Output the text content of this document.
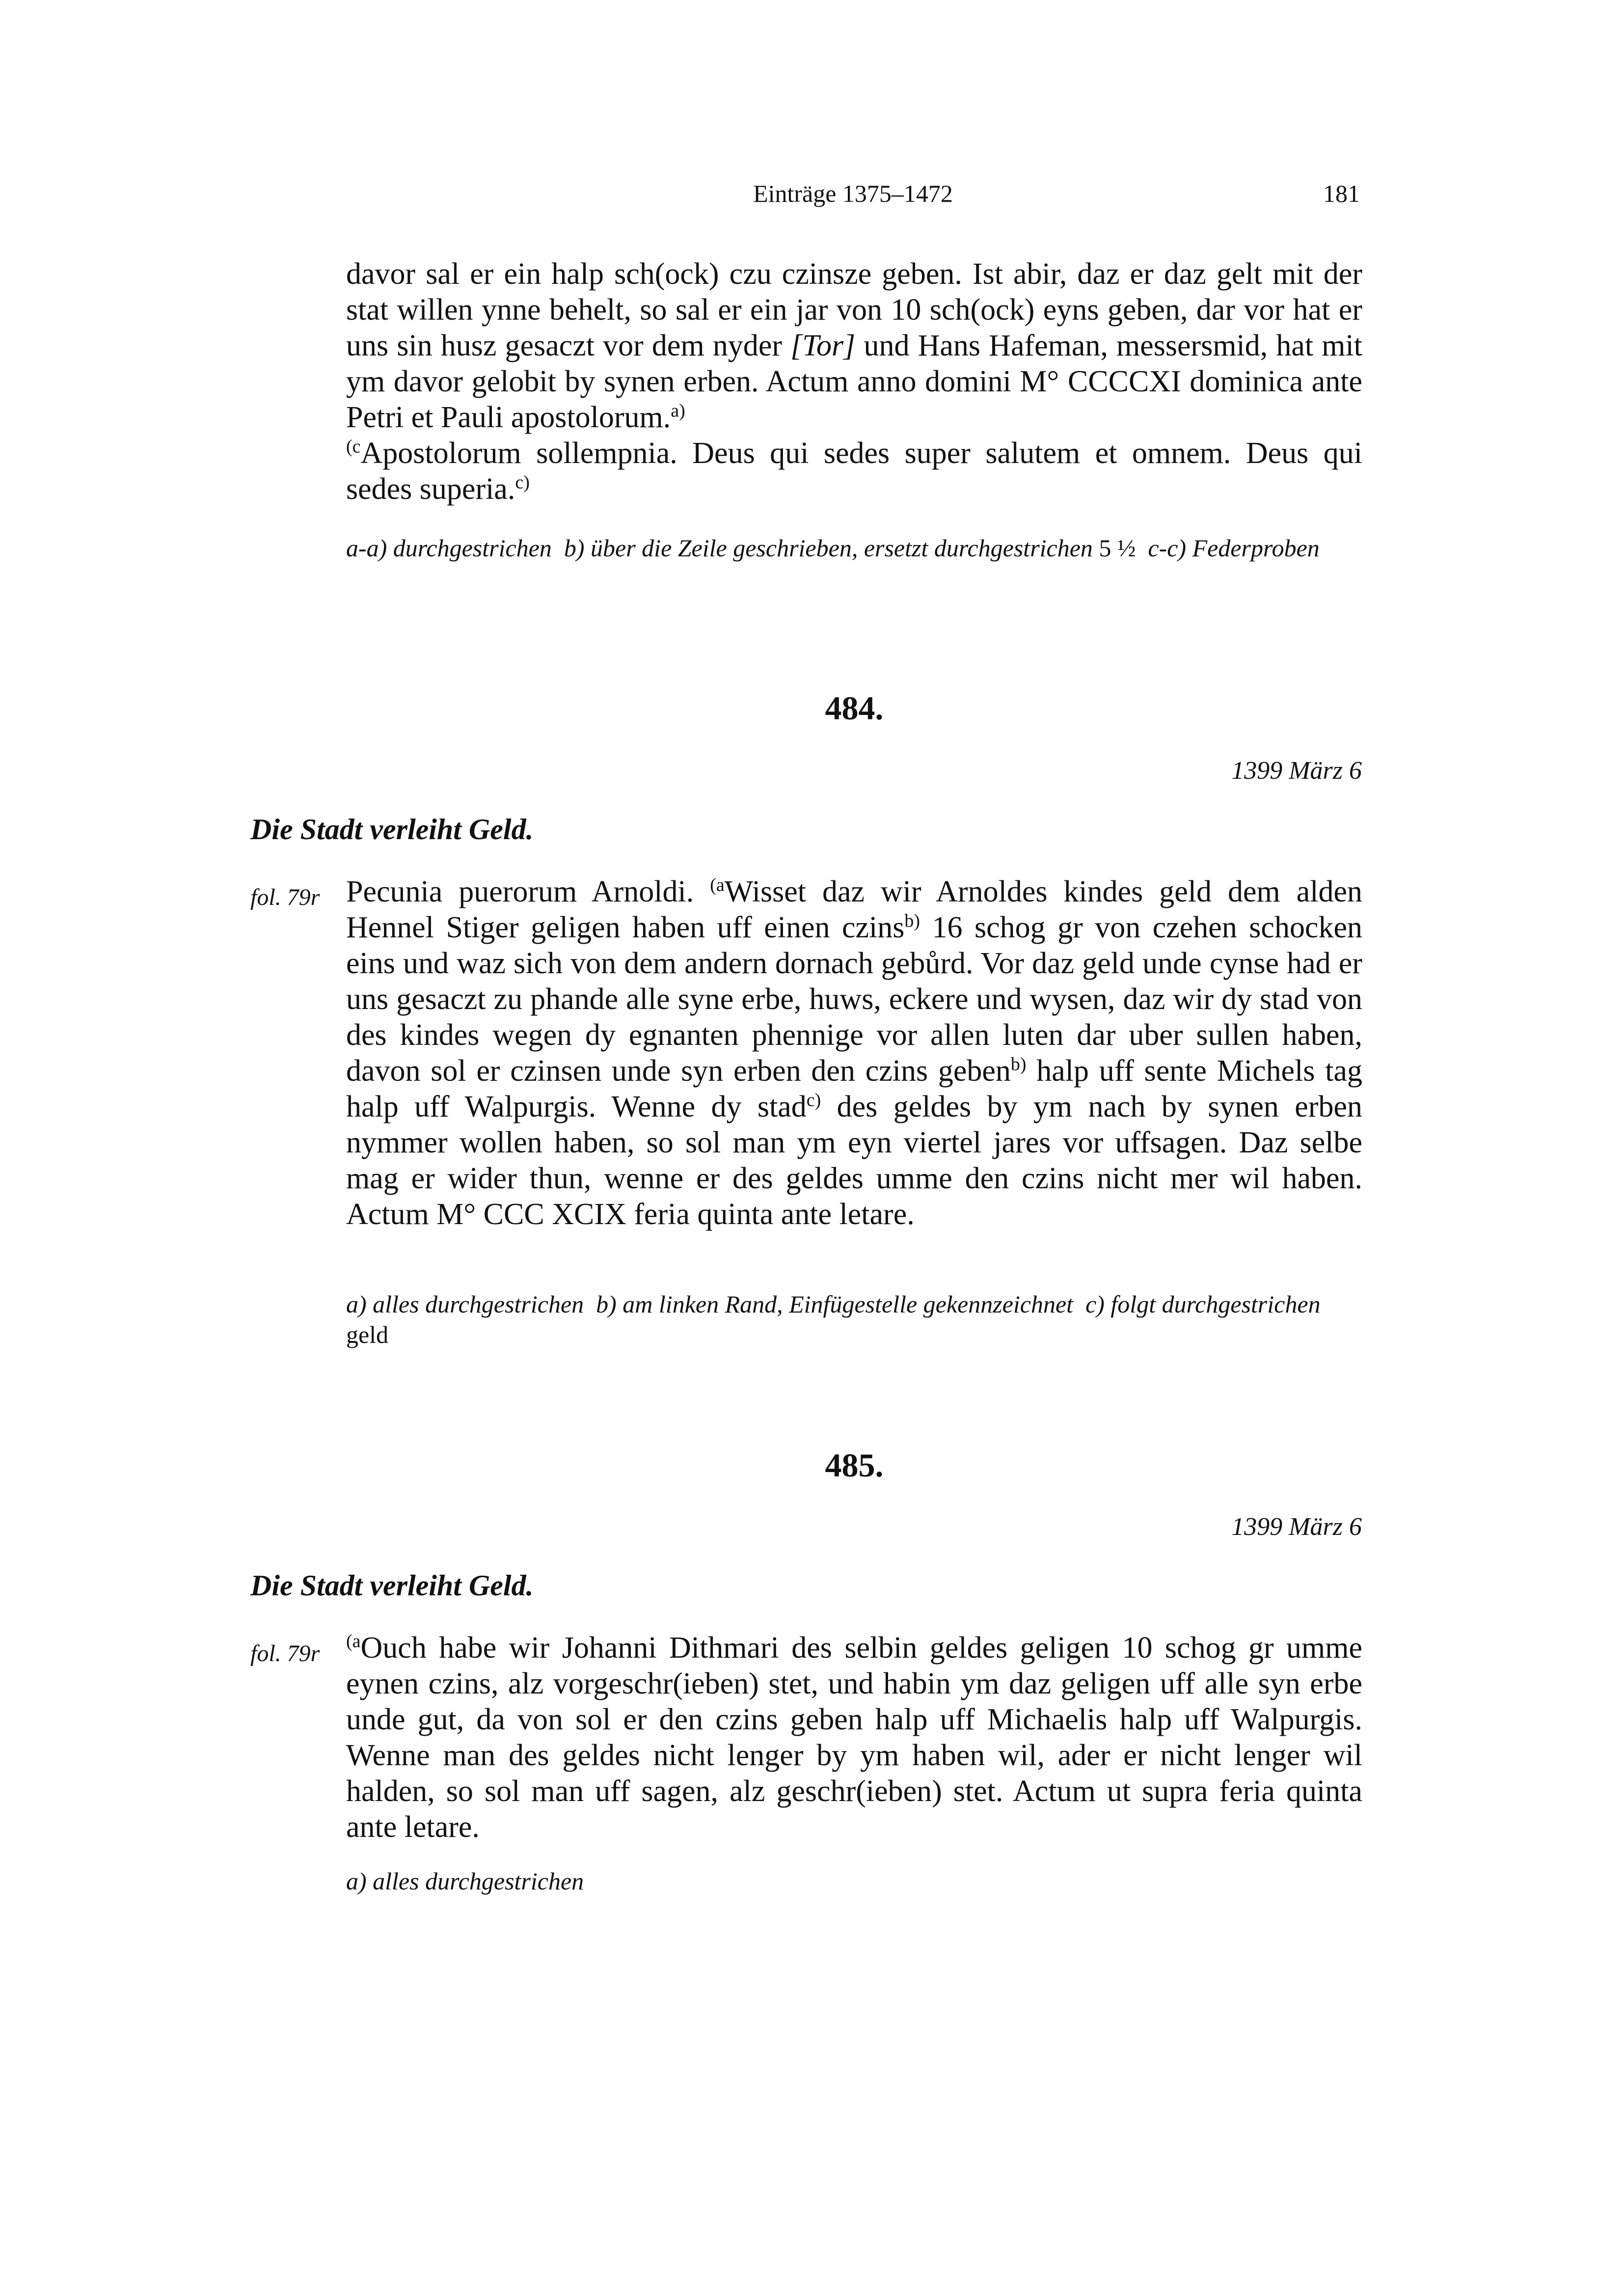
Einträge 1375–1472	181

davor sal er ein halp sch(ock) czu czinsze geben. Ist abir, daz er daz gelt mit der stat willen ynne behelt, so sal er ein jar von 10 sch(ock) eyns geben, dar vor hat er uns sin husz gesaczt vor dem nyder [Tor] und Hans Hafeman, messersmid, hat mit ym davor gelobit by synen erben. Actum anno domini M° CCCCXI dominica ante Petri et Pauli apostolorum.$^{a)}$

$^{(c}$Apostolorum sollempnia. Deus qui sedes super salutem et omnem. Deus qui sedes superia.$^{c)}$

a-a) durchgestrichen b) über die Zeile geschrieben, ersetzt durchgestrichen 5 ½ c-c) Federproben
484.
1399 März 6
Die Stadt verleiht Geld.
fol. 79r Pecunia puerorum Arnoldi. $^{(a}$Wisset daz wir Arnoldes kindes geld dem alden Hennel Stiger geligen haben uff einen czins$^{b)}$ 16 schog gr von czehen schocken eins und waz sich von dem andern dornach gebůrd. Vor daz geld unde cynse had er uns gesaczt zu phande alle syne erbe, huws, eckere und wysen, daz wir dy stad von des kindes wegen dy egnanten phennige vor allen luten dar uber sullen haben, davon sol er czinsen unde syn erben den czins geben$^{b)}$ halp uff sente Michels tag halp uff Walpurgis. Wenne dy stad$^{c)}$ des geldes by ym nach by synen erben nymmer wollen haben, so sol man ym eyn viertel jares vor uffsagen. Daz selbe mag er wider thun, wenne er des geldes umme den czins nicht mer wil haben. Actum M° CCC XCIX feria quinta ante letare.

a) alles durchgestrichen b) am linken Rand, Einfügestelle gekennzeichnet c) folgt durchgestrichen geld
485.
1399 März 6
Die Stadt verleiht Geld.
fol. 79r $^{(a}$Ouch habe wir Johanni Dithmari des selbin geldes geligen 10 schog gr umme eynen czins, alz vorgeschr(ieben) stet, und habin ym daz geligen uff alle syn erbe unde gut, da von sol er den czins geben halp uff Michaelis halp uff Walpurgis. Wenne man des geldes nicht lenger by ym haben wil, ader er nicht lenger wil halden, so sol man uff sagen, alz geschr(ieben) stet. Actum ut supra feria quinta ante letare.

a) alles durchgestrichen
